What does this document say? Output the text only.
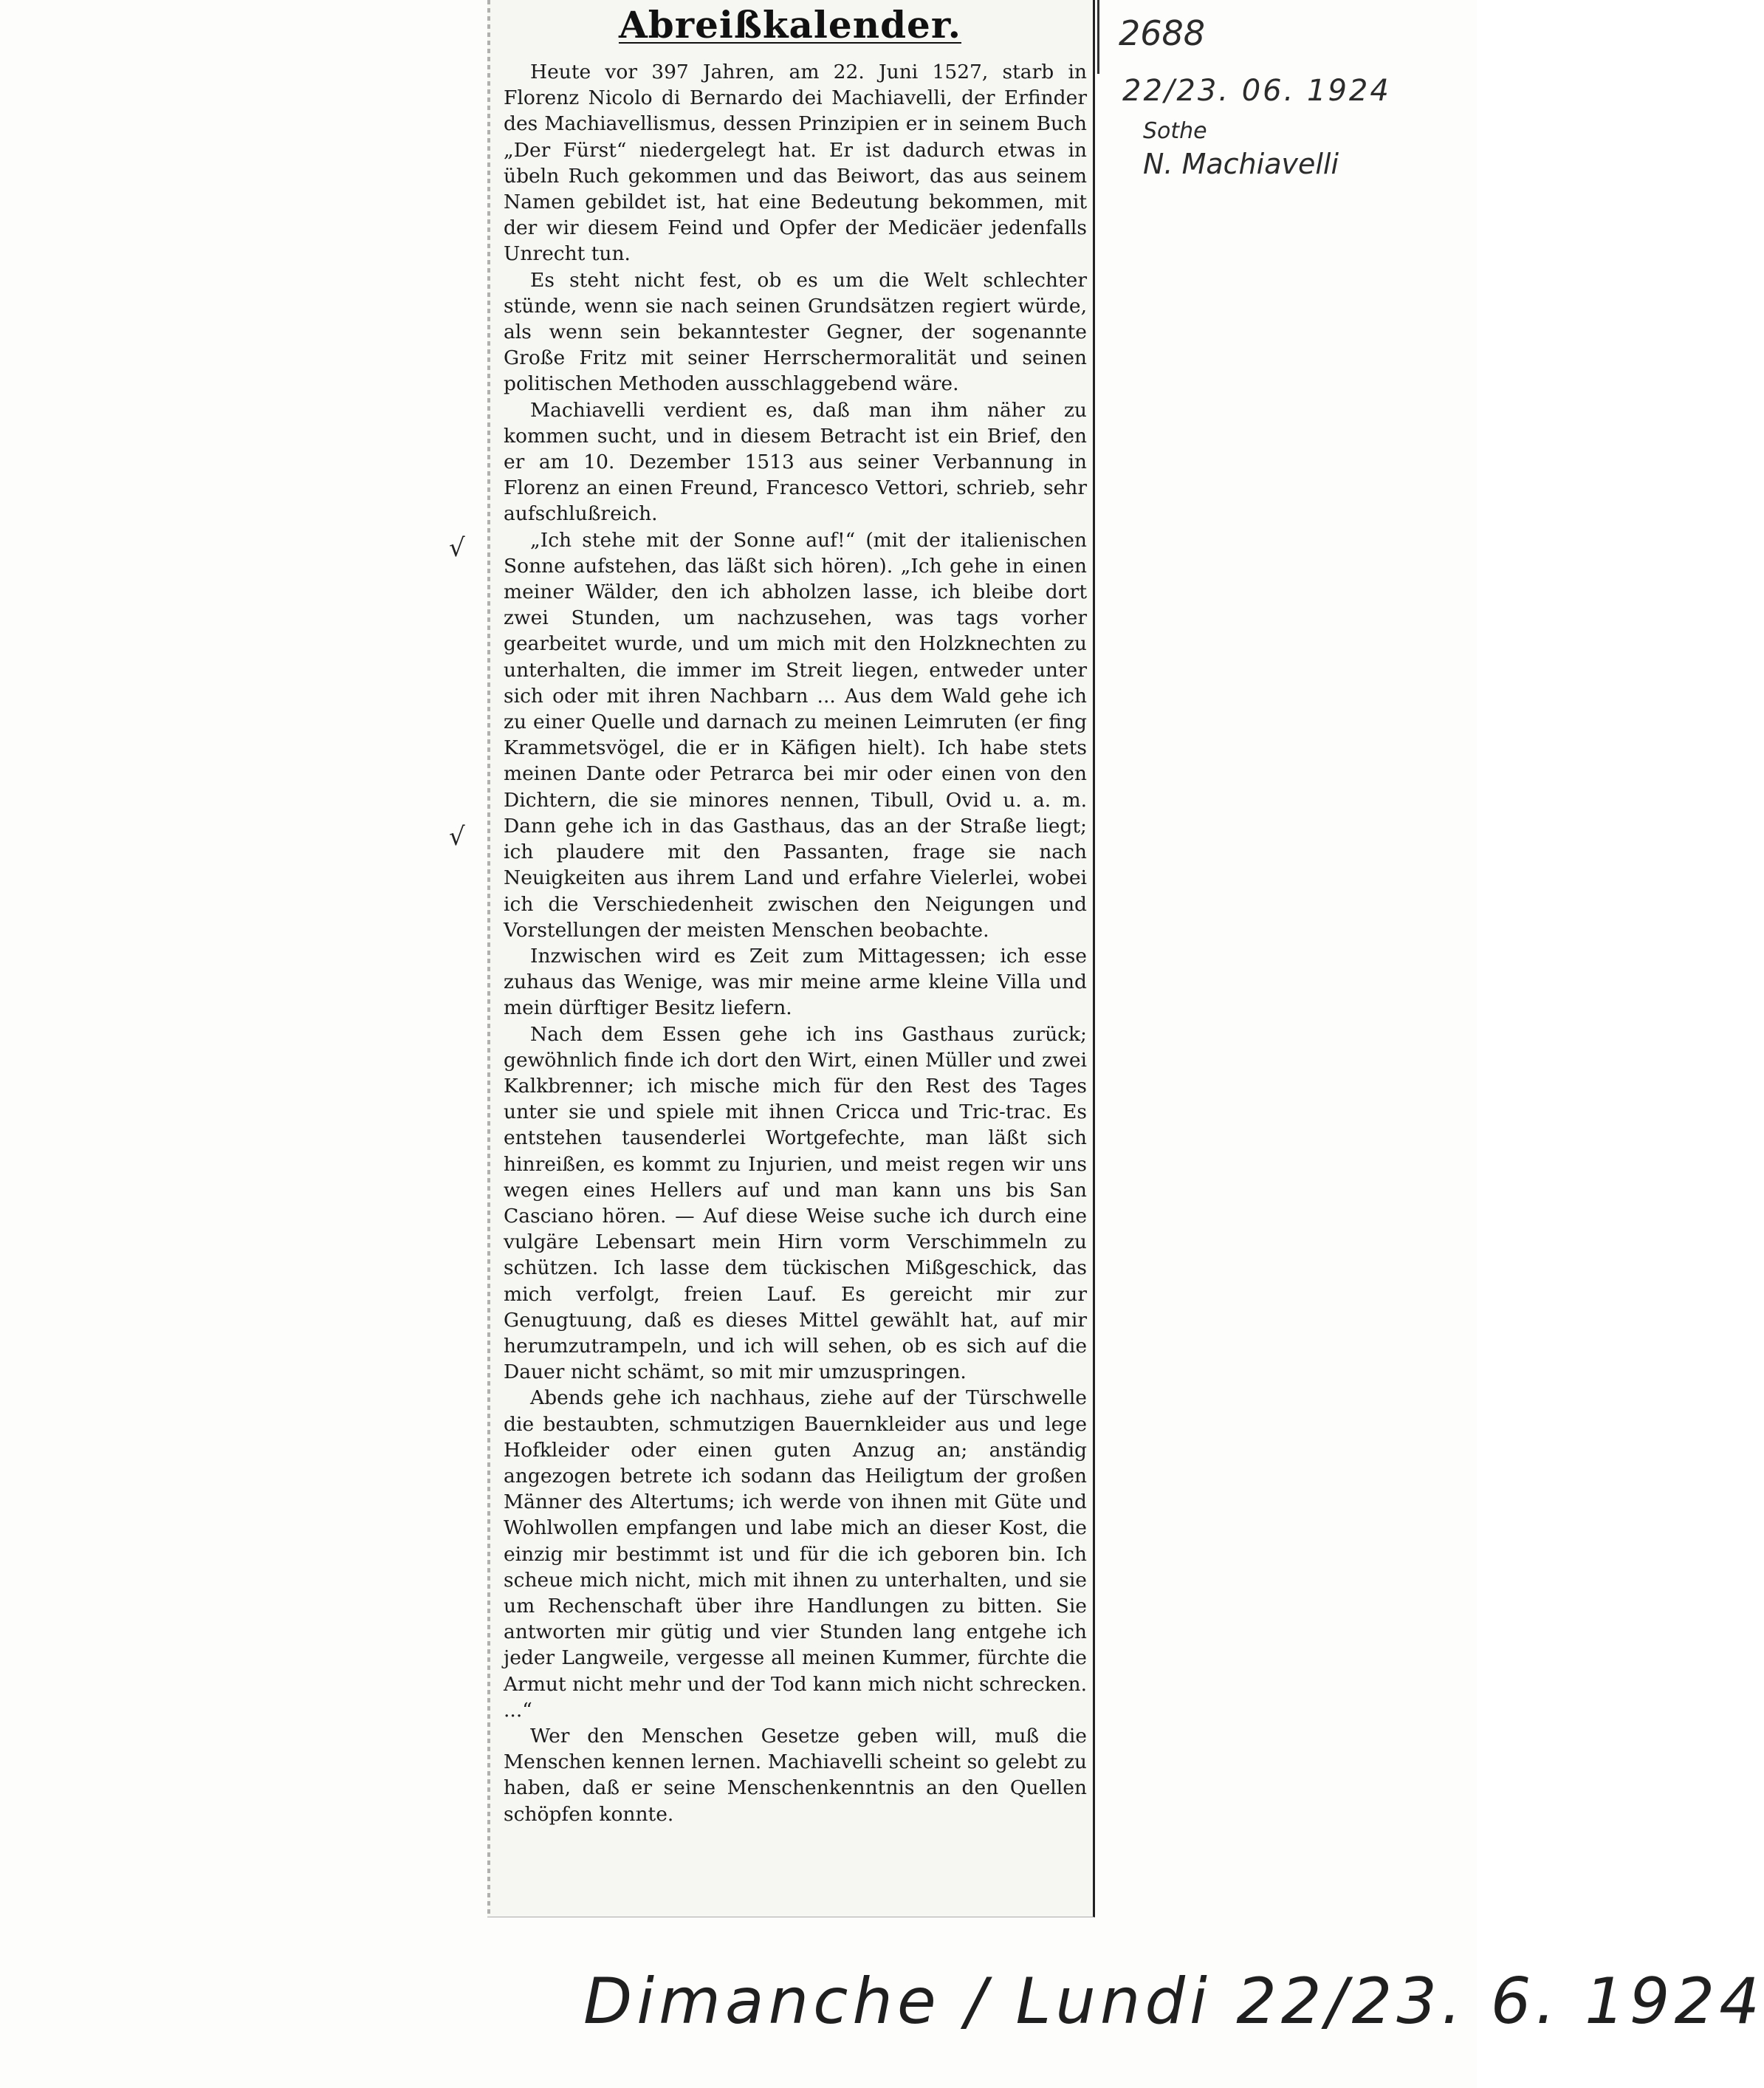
Abreißkalender.

Heute vor 397 Jahren, am 22. Juni 1527, starb in Florenz Nicolo di Bernardo dei Machiavelli, der Erfinder des Machiavellismus, dessen Prinzipien er in seinem Buch „Der Fürst“ niedergelegt hat. Er ist dadurch etwas in übeln Ruch gekommen und das Beiwort, das aus seinem Namen gebildet ist, hat eine Bedeutung bekommen, mit der wir diesem Feind und Opfer der Medicäer jedenfalls Unrecht tun.

Es steht nicht fest, ob es um die Welt schlechter stünde, wenn sie nach seinen Grundsätzen regiert würde, als wenn sein bekanntester Gegner, der sogenannte Große Fritz mit seiner Herrschermoralität und seinen politischen Methoden ausschlaggebend wäre.

Machiavelli verdient es, daß man ihm näher zu kommen sucht, und in diesem Betracht ist ein Brief, den er am 10. Dezember 1513 aus seiner Verbannung in Florenz an einen Freund, Francesco Vettori, schrieb, sehr aufschlußreich.

„Ich stehe mit der Sonne auf!“ (mit der italienischen Sonne aufstehen, das läßt sich hören). „Ich gehe in einen meiner Wälder, den ich abholzen lasse, ich bleibe dort zwei Stunden, um nachzusehen, was tags vorher gearbeitet wurde, und um mich mit den Holzknechten zu unterhalten, die immer im Streit liegen, entweder unter sich oder mit ihren Nachbarn ... Aus dem Wald gehe ich zu einer Quelle und darnach zu meinen Leimruten (er fing Krammetsvögel, die er in Käfigen hielt). Ich habe stets meinen Dante oder Petrarca bei mir oder einen von den Dichtern, die sie minores nennen, Tibull, Ovid u. a. m. Dann gehe ich in das Gasthaus, das an der Straße liegt; ich plaudere mit den Passanten, frage sie nach Neuigkeiten aus ihrem Land und erfahre Vielerlei, wobei ich die Verschiedenheit zwischen den Neigungen und Vorstellungen der meisten Menschen beobachte.

Inzwischen wird es Zeit zum Mittagessen; ich esse zuhaus das Wenige, was mir meine arme kleine Villa und mein dürftiger Besitz liefern.

Nach dem Essen gehe ich ins Gasthaus zurück; gewöhnlich finde ich dort den Wirt, einen Müller und zwei Kalkbrenner; ich mische mich für den Rest des Tages unter sie und spiele mit ihnen Cricca und Tric-trac. Es entstehen tausenderlei Wortgefechte, man läßt sich hinreißen, es kommt zu Injurien, und meist regen wir uns wegen eines Hellers auf und man kann uns bis San Casciano hören. — Auf diese Weise suche ich durch eine vulgäre Lebensart mein Hirn vorm Verschimmeln zu schützen. Ich lasse dem tückischen Mißgeschick, das mich verfolgt, freien Lauf. Es gereicht mir zur Genugtuung, daß es dieses Mittel gewählt hat, auf mir herumzutrampeln, und ich will sehen, ob es sich auf die Dauer nicht schämt, so mit mir umzuspringen.

Abends gehe ich nachhaus, ziehe auf der Türschwelle die bestaubten, schmutzigen Bauernkleider aus und lege Hofkleider oder einen guten Anzug an; anständig angezogen betrete ich sodann das Heiligtum der großen Männer des Altertums; ich werde von ihnen mit Güte und Wohlwollen empfangen und labe mich an dieser Kost, die einzig mir bestimmt ist und für die ich geboren bin. Ich scheue mich nicht, mich mit ihnen zu unterhalten, und sie um Rechenschaft über ihre Handlungen zu bitten. Sie antworten mir gütig und vier Stunden lang entgehe ich jeder Langweile, vergesse all meinen Kummer, fürchte die Armut nicht mehr und der Tod kann mich nicht schrecken. ...“

Wer den Menschen Gesetze geben will, muß die Menschen kennen lernen. Machiavelli scheint so gelebt zu haben, daß er seine Menschenkenntnis an den Quellen schöpfen konnte.

2688
22/23. 06. 1924
Sothe
N. Machiavelli
√
√
Dimanche / Lundi 22/23. 6. 1924
